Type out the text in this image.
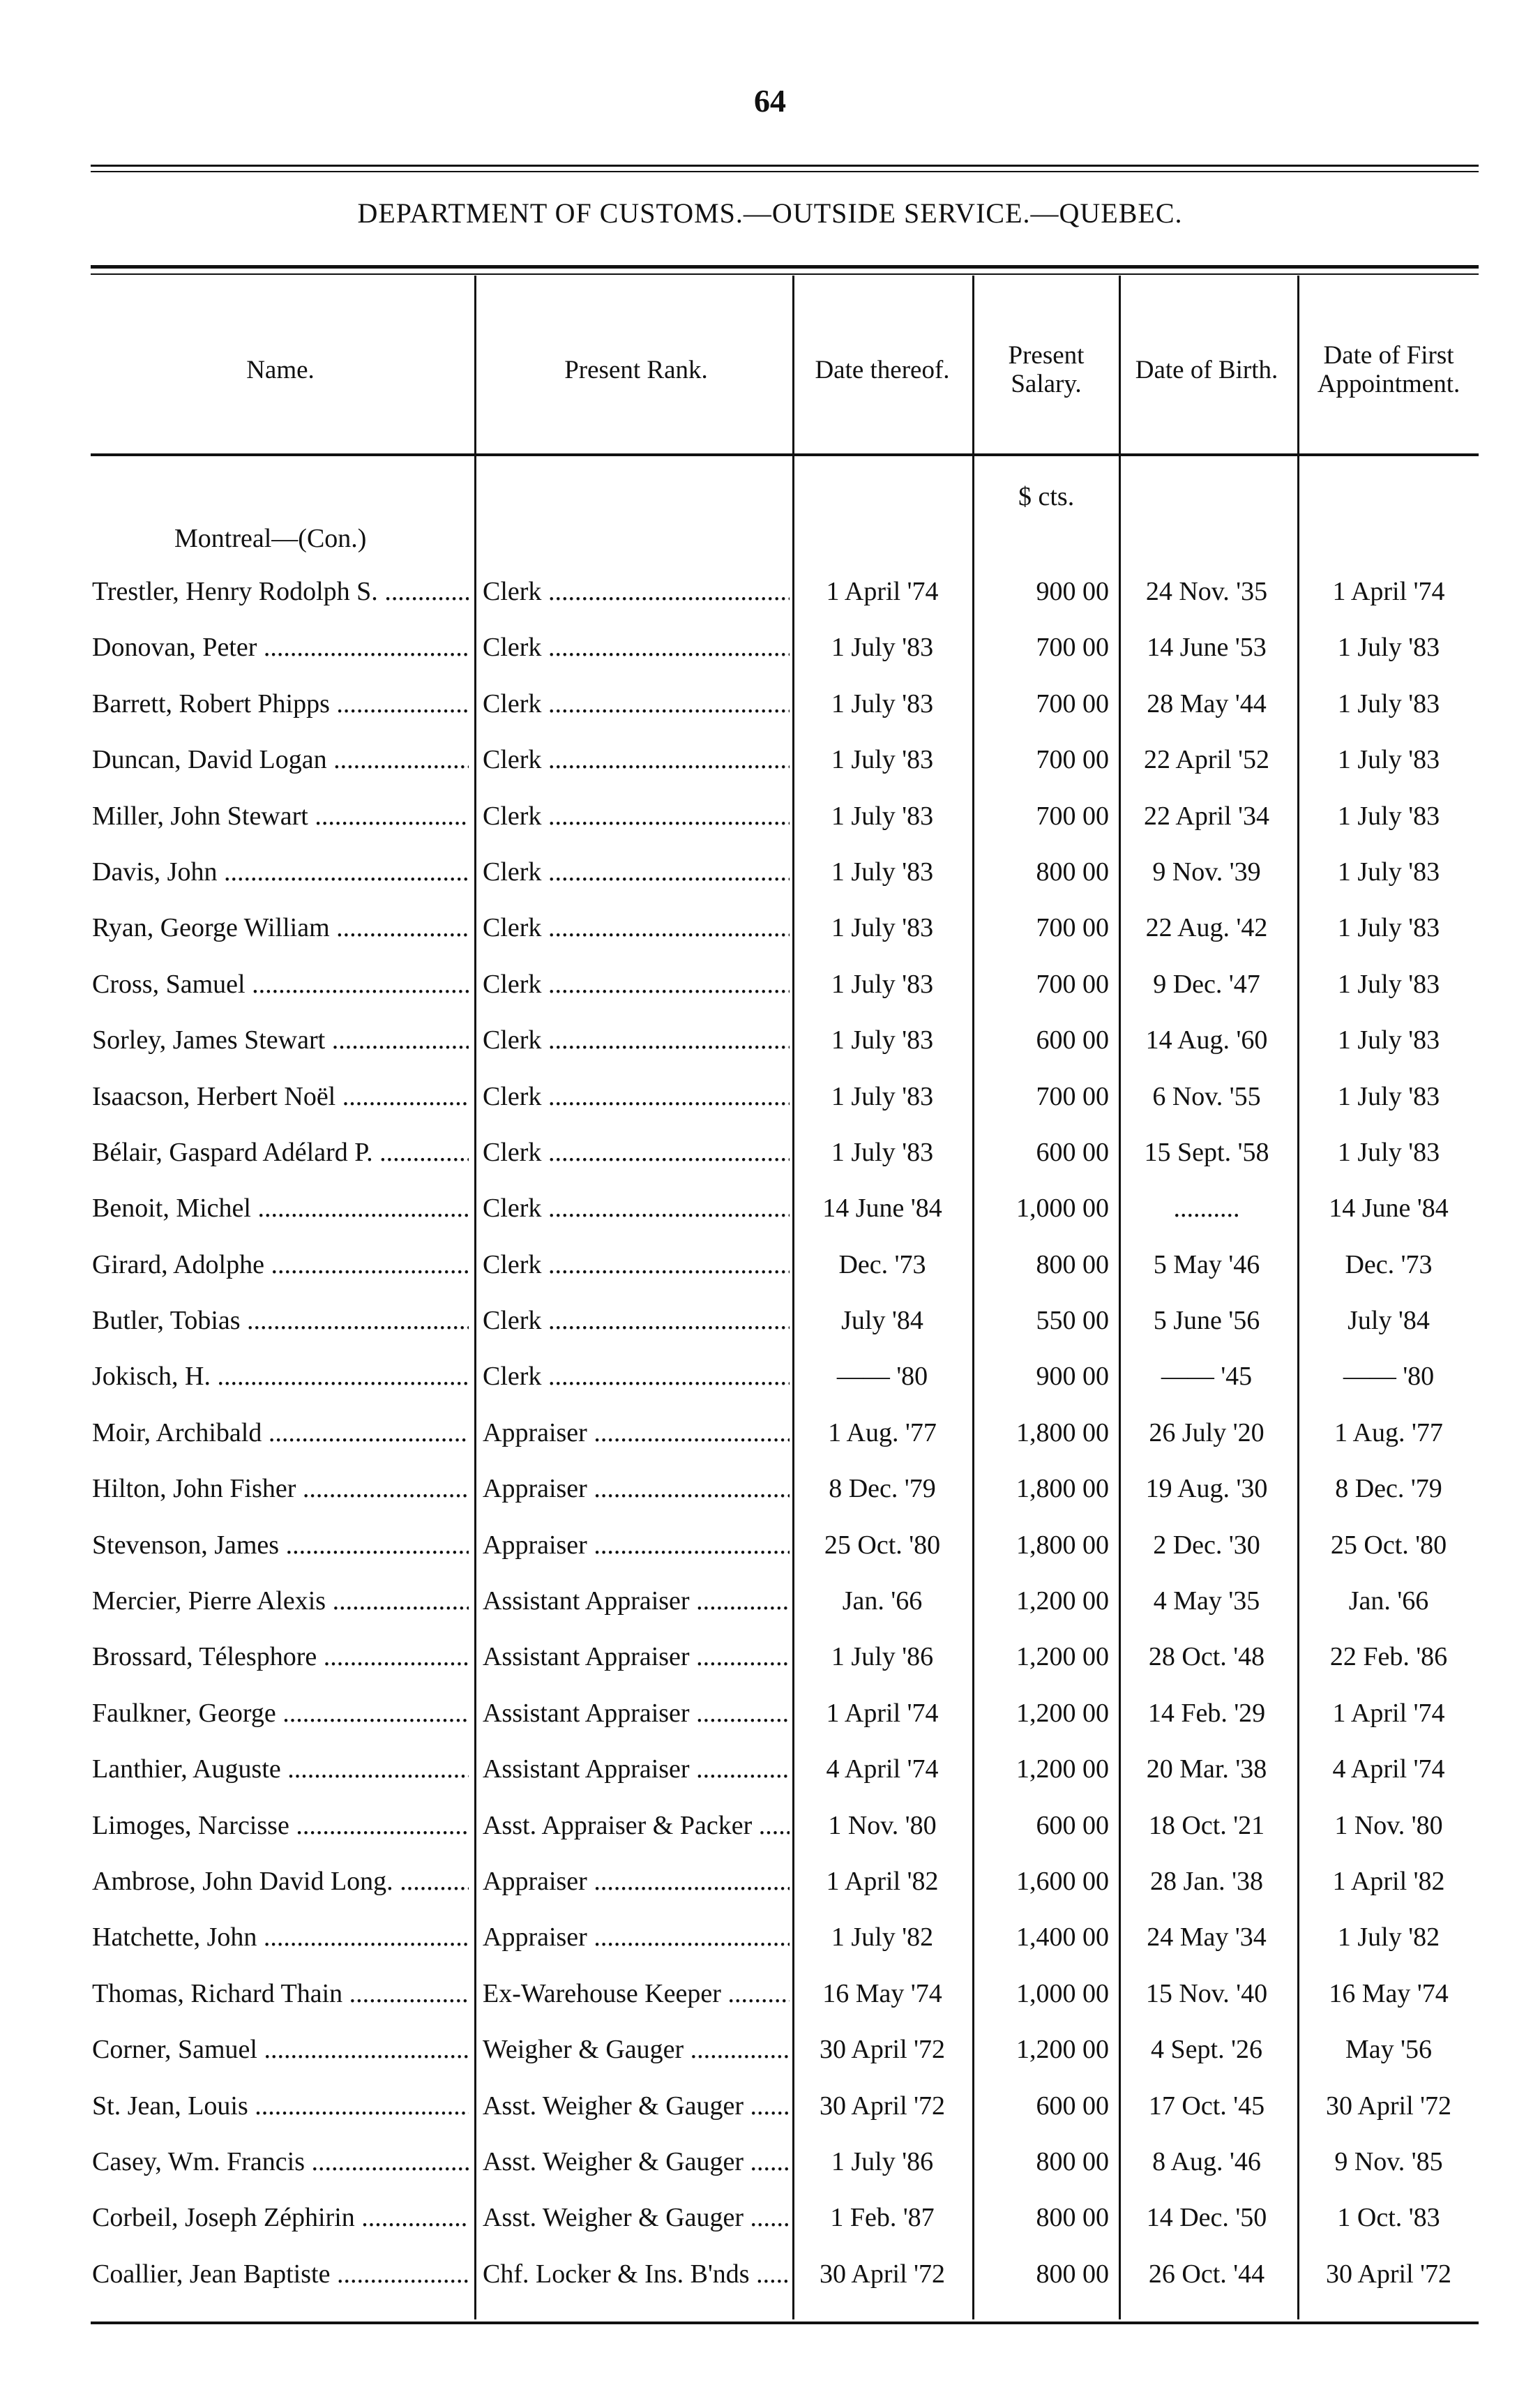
64
DEPARTMENT OF CUSTOMS.—OUTSIDE SERVICE.—QUEBEC.
Name.	Present Rank.	Date thereof.	Present Salary.	Date of Birth.	Date of First Appointment.
$ cts.
Montreal—(Con.)
Trestler, Henry Rodolph S. .....	Clerk .....	1 April '74	900 00	24 Nov. '35	1 April '74
Donovan, Peter .....	Clerk .....	1 July '83	700 00	14 June '53	1 July '83
Barrett, Robert Phipps .....	Clerk .....	1 July '83	700 00	28 May '44	1 July '83
Duncan, David Logan .....	Clerk .....	1 July '83	700 00	22 April '52	1 July '83
Miller, John Stewart .....	Clerk .....	1 July '83	700 00	22 April '34	1 July '83
Davis, John .....	Clerk .....	1 July '83	800 00	9 Nov. '39	1 July '83
Ryan, George William .....	Clerk .....	1 July '83	700 00	22 Aug. '42	1 July '83
Cross, Samuel .....	Clerk .....	1 July '83	700 00	9 Dec. '47	1 July '83
Sorley, James Stewart .....	Clerk .....	1 July '83	600 00	14 Aug. '60	1 July '83
Isaacson, Herbert Noël .....	Clerk .....	1 July '83	700 00	6 Nov. '55	1 July '83
Bélair, Gaspard Adélard P. .....	Clerk .....	1 July '83	600 00	15 Sept. '58	1 July '83
Benoit, Michel .....	Clerk .....	14 June '84	1,000 00	..........	14 June '84
Girard, Adolphe .....	Clerk .....	Dec. '73	800 00	5 May '46	Dec. '73
Butler, Tobias .....	Clerk .....	July '84	550 00	5 June '56	July '84
Jokisch, H. .....	Clerk .....	—— '80	900 00	—— '45	—— '80
Moir, Archibald .....	Appraiser .....	1 Aug. '77	1,800 00	26 July '20	1 Aug. '77
Hilton, John Fisher .....	Appraiser .....	8 Dec. '79	1,800 00	19 Aug. '30	8 Dec. '79
Stevenson, James .....	Appraiser .....	25 Oct. '80	1,800 00	2 Dec. '30	25 Oct. '80
Mercier, Pierre Alexis .....	Assistant Appraiser .....	Jan. '66	1,200 00	4 May '35	Jan. '66
Brossard, Télesphore .....	Assistant Appraiser .....	1 July '86	1,200 00	28 Oct. '48	22 Feb. '86
Faulkner, George .....	Assistant Appraiser .....	1 April '74	1,200 00	14 Feb. '29	1 April '74
Lanthier, Auguste .....	Assistant Appraiser .....	4 April '74	1,200 00	20 Mar. '38	4 April '74
Limoges, Narcisse .....	Asst. Appraiser & Packer .....	1 Nov. '80	600 00	18 Oct. '21	1 Nov. '80
Ambrose, John David Long. .....	Appraiser .....	1 April '82	1,600 00	28 Jan. '38	1 April '82
Hatchette, John .....	Appraiser .....	1 July '82	1,400 00	24 May '34	1 July '82
Thomas, Richard Thain .....	Ex-Warehouse Keeper .....	16 May '74	1,000 00	15 Nov. '40	16 May '74
Corner, Samuel .....	Weigher & Gauger .....	30 April '72	1,200 00	4 Sept. '26	May '56
St. Jean, Louis .....	Asst. Weigher & Gauger .....	30 April '72	600 00	17 Oct. '45	30 April '72
Casey, Wm. Francis .....	Asst. Weigher & Gauger .....	1 July '86	800 00	8 Aug. '46	9 Nov. '85
Corbeil, Joseph Zéphirin .....	Asst. Weigher & Gauger .....	1 Feb. '87	800 00	14 Dec. '50	1 Oct. '83
Coallier, Jean Baptiste .....	Chf. Locker & Ins. B'nds .....	30 April '72	800 00	26 Oct. '44	30 April '72
